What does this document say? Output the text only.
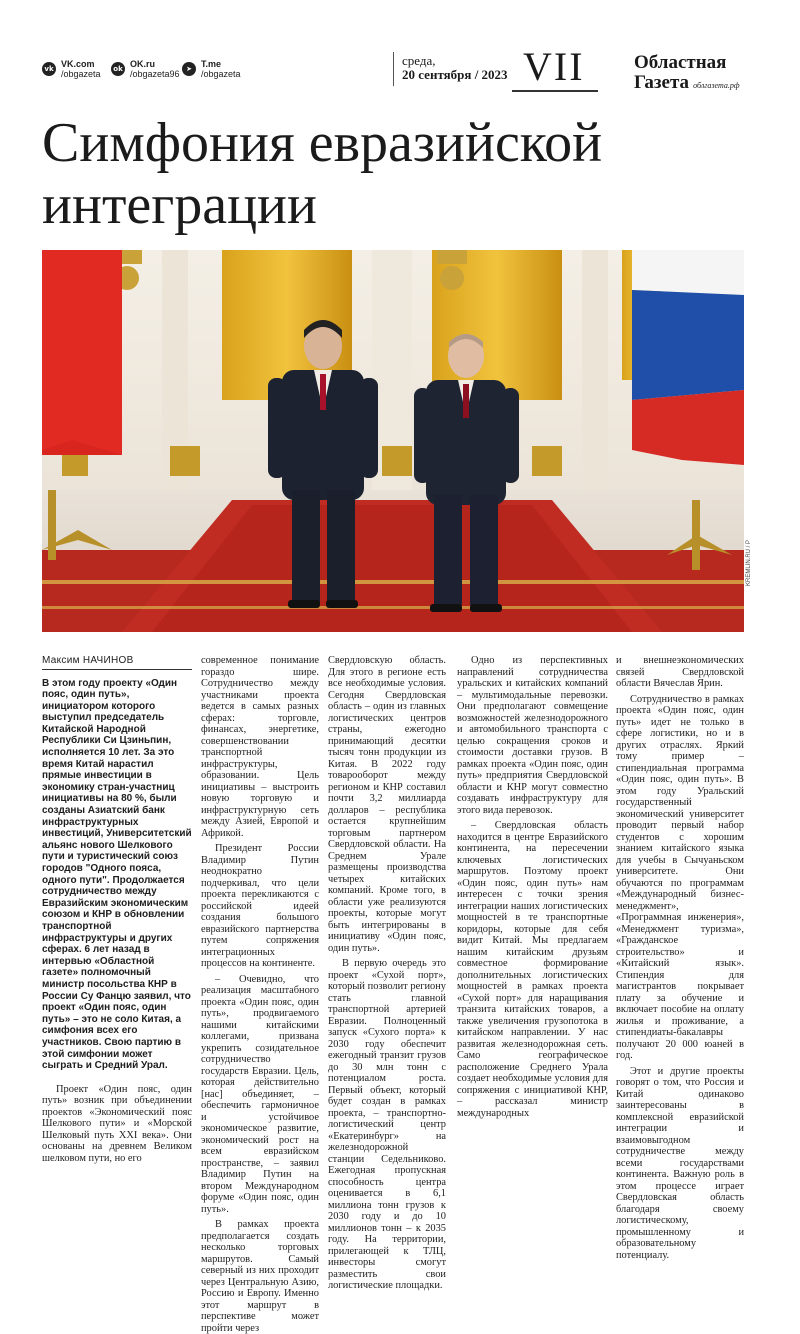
vk VK.com
/obgazeta	ok OK.ru
/obgazeta96 ➤	T.me
/obgazeta
среда,
20 сентября / 2023 VII	Областная
Газета облгазета.рф
Симфония евразийской
интеграции
KREMLIN.RU / P
Максим НАЧИНОВ
В этом году проекту «Один пояс, один путь», инициатором которого выступил председатель Китайской Народной Республики Си Цзиньпин, исполняется 10 лет. За это время Китай нарастил прямые инвестиции в экономику стран-участниц инициативы на 80 %, были созданы Азиатский банк инфраструктурных инвестиций, Университетский альянс нового Шелкового пути и туристический союз городов "Одного пояса, одного пути". Продолжается сотрудничество между Евразийским экономическим союзом и КНР в обновлении транспортной инфраструктуры и других сферах. 6 лет назад в интервью «Областной газете» полномочный министр посольства КНР в России Су Фанцю заявил, что проект «Один пояс, один путь» – это не соло Китая, а симфония всех его участников. Свою партию в этой симфонии может сыграть и Средний Урал.

Проект «Один пояс, один путь» возник при объединении проектов «Экономический пояс Шелкового пути» и «Морской Шелковый путь XXI века». Они основаны на древнем Великом шелковом пути, но его

современное понимание гораздо шире. Сотрудничество между участниками проекта ведется в самых разных сферах: торговле, финансах, энергетике, совершенствовании транспортной инфраструктуры, образовании. Цель инициативы – выстроить новую торговую и инфраструктурную сеть между Азией, Европой и Африкой.

Президент России Владимир Путин неоднократно подчеркивал, что цели проекта перекликаются с российской идеей создания большого евразийского партнерства путем сопряжения интеграционных процессов на континенте.

– Очевидно, что реализация масштабного проекта «Один пояс, один путь», продвигаемого нашими китайскими коллегами, призвана укрепить созидательное сотрудничество государств Евразии. Цель, которая действительно [нас] объединяет, – обеспечить гармоничное и устойчивое экономическое развитие, экономический рост на всем евразийском пространстве, – заявил Владимир Путин на втором Международном форуме «Один пояс, один путь».

В рамках проекта предполагается создать несколько торговых маршрутов. Самый северный из них проходит через Центральную Азию, Россию и Европу. Именно этот маршрут в перспективе может пройти через

Свердловскую область. Для этого в регионе есть все необходимые условия. Сегодня Свердловская область – один из главных логистических центров страны, ежегодно принимающий десятки тысяч тонн продукции из Китая. В 2022 году товарооборот между регионом и КНР составил почти 3,2 миллиарда долларов – республика остается крупнейшим торговым партнером Свердловской области. На Среднем Урале размещены производства четырех китайских компаний. Кроме того, в области уже реализуются проекты, которые могут быть интегрированы в инициативу «Один пояс, один путь».

В первую очередь это проект «Сухой порт», который позволит региону стать главной транспортной артерией Евразии. Полноценный запуск «Сухого порта» к 2030 году обеспечит ежегодный транзит грузов до 30 млн тонн с потенциалом роста. Первый объект, который будет создан в рамках проекта, – транспортно-логистический центр «Екатеринбург» на железнодорожной станции Седельниково. Ежегодная пропускная способность центра оценивается в 6,1 миллиона тонн грузов к 2030 году и до 10 миллионов тонн – к 2035 году. На территории, прилегающей к ТЛЦ, инвесторы смогут разместить свои логистические площадки.

Одно из перспективных направлений сотрудничества уральских и китайских компаний – мультимодальные перевозки. Они предполагают совмещение возможностей железнодорожного и автомобильного транспорта с целью сокращения сроков и стоимости доставки грузов. В рамках проекта «Один пояс, один путь» предприятия Свердловской области и КНР могут совместно создавать инфраструктуру для этого вида перевозок.

– Свердловская область находится в центре Евразийского континента, на пересечении ключевых логистических маршрутов. Поэтому проект «Один пояс, один путь» нам интересен с точки зрения интеграции наших логистических мощностей в те транспортные коридоры, которые для себя видит Китай. Мы предлагаем нашим китайским друзьям совместное формирование дополнительных логистических мощностей в рамках проекта «Сухой порт» для наращивания транзита китайских товаров, а также увеличения грузопотока в китайском направлении. У нас развитая железнодорожная сеть. Само географическое расположение Среднего Урала создает необходимые условия для сопряжения с инициативой КНР, – рассказал министр международных

и внешнеэкономических связей Свердловской области Вячеслав Ярин.

Сотрудничество в рамках проекта «Один пояс, один путь» идет не только в сфере логистики, но и в других отраслях. Яркий тому пример – стипендиальная программа «Один пояс, один путь». В этом году Уральский государственный экономический университет проводит первый набор студентов с хорошим знанием китайского языка для учебы в Сычуаньском университете. Они обучаются по программам «Международный бизнес-менеджмент», «Программная инженерия», «Менеджмент туризма», «Гражданское строительство» и «Китайский язык». Стипендия для магистрантов покрывает плату за обучение и включает пособие на оплату жилья и проживание, а стипендиаты-бакалавры получают 20 000 юаней в год.

Этот и другие проекты говорят о том, что Россия и Китай одинаково заинтересованы в комплексной евразийской интеграции и взаимовыгодном сотрудничестве между всеми государствами континента. Важную роль в этом процессе играет Свердловская область благодаря своему логистическому, промышленному и образовательному потенциалу.
